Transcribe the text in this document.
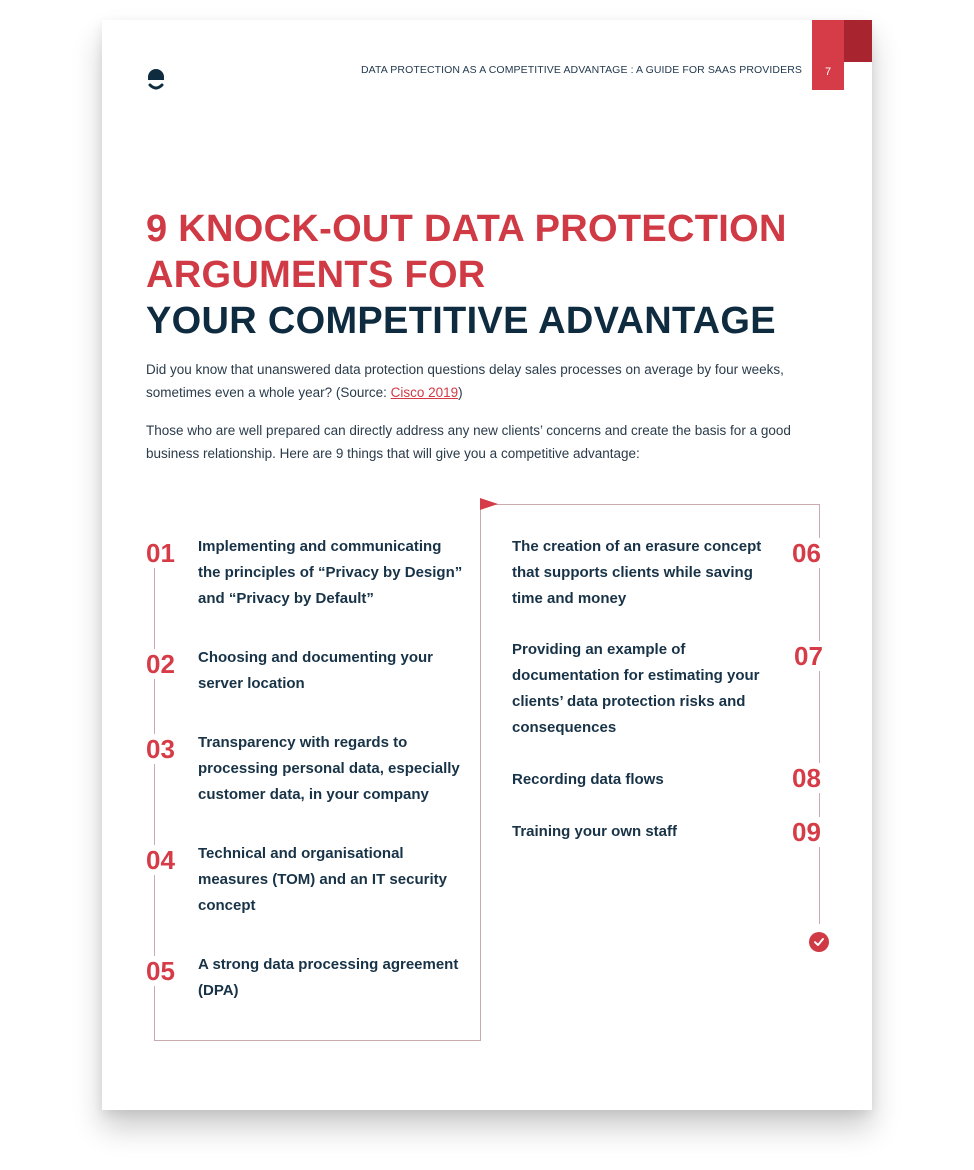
DATA PROTECTION AS A COMPETITIVE ADVANTAGE : A GUIDE FOR SAAS PROVIDERS	7
9 KNOCK-OUT DATA PROTECTION
ARGUMENTS FOR
YOUR COMPETITIVE ADVANTAGE

Did you know that unanswered data protection questions delay sales processes on average by four weeks, sometimes even a whole year? (Source: Cisco 2019)

Those who are well prepared can directly address any new clients’ concerns and create the basis for a good business relationship. Here are 9 things that will give you a competitive advantage:

01 Implementing and communicating the principles of “Privacy by Design” and “Privacy by Default”
02 Choosing and documenting your server location
03 Transparency with regards to processing personal data, especially customer data, in your company
04 Technical and organisational measures (TOM) and an IT security concept
05 A strong data processing agreement (DPA)
The creation of an erasure concept that supports clients while saving time and money
06
Providing an example of documentation for estimating your clients’ data protection risks and consequences
07
Recording data flows	08
Training your own staff	09
